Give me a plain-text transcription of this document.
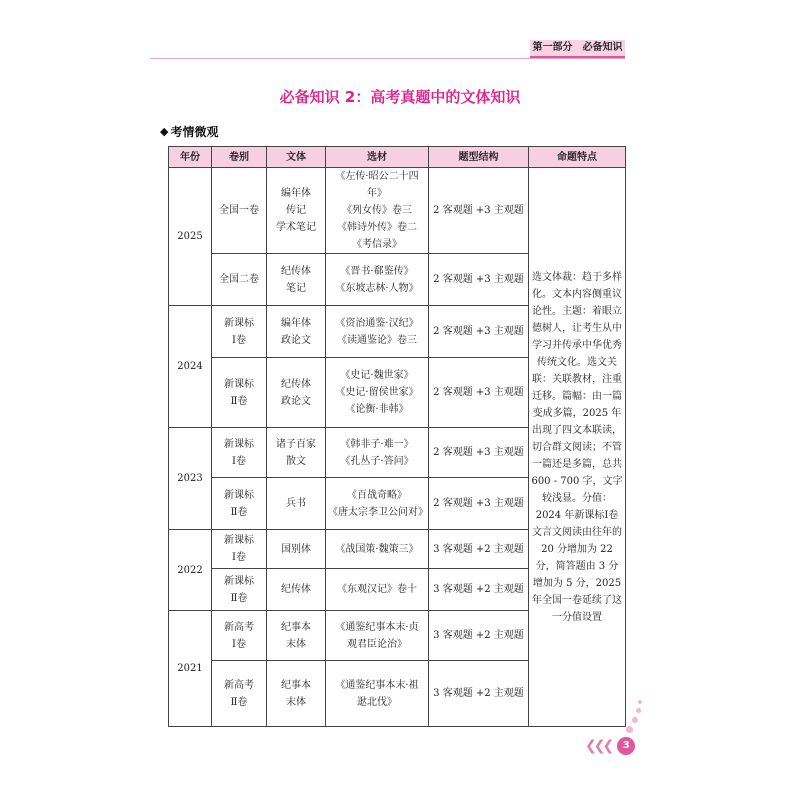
第一部分　必备知识
必备知识 2：高考真题中的文体知识
◆ 考情微观
年份	卷别	文体	选材	题型结构	命题特点
2025	全国一卷	编年体
传记
学术笔记	《左传·昭公二十四年》
《列女传》卷三
《韩诗外传》卷二
《考信录》	2 客观题 +3 主观题	选文体裁：趋于多样化。文本内容侧重议论性。主题：着眼立德树人，让考生从中学习并传承中华优秀传统文化。选文关联：关联教材，注重迁移。篇幅：由一篇变成多篇，2025 年出现了四文本联读，切合群文阅读；不管一篇还是多篇，总共 600 - 700 字，文字较浅显。分值：2024 年新课标Ⅰ卷文言文阅读由往年的 20 分增加为 22 分，简答题由 3 分增加为 5 分，2025 年全国一卷延续了这一分值设置

	全国二卷	纪传体
笔记	《晋书·郗鉴传》
《东坡志林·人物》	2 客观题 +3 主观题	
2024	新课标
Ⅰ卷	编年体
政论文	《资治通鉴·汉纪》
《读通鉴论》卷三	2 客观题 +3 主观题	

	新课标
Ⅱ卷	纪传体
政论文	《史记·魏世家》
《史记·留侯世家》
《论衡·非韩》	2 客观题 +3 主观题	
2023	新课标
Ⅰ卷	诸子百家
散文	《韩非子·难一》
《孔丛子·答问》	2 客观题 +3 主观题	

	新课标
Ⅱ卷	兵书	《百战奇略》
《唐太宗李卫公问对》	2 客观题 +3 主观题	
2022	新课标
Ⅰ卷	国别体	《战国策·魏策三》	3 客观题 +2 主观题	

	新课标
Ⅱ卷	纪传体	《东观汉记》卷十	3 客观题 +2 主观题	
2021	新高考
Ⅰ卷	纪事本
末体	《通鉴纪事本末·贞
观君臣论治》	3 客观题 +2 主观题	

	新高考
Ⅱ卷	纪事本
末体	《通鉴纪事本末·祖
逖北伐》	3 客观题 +2 主观题	
❮❮❮	3
